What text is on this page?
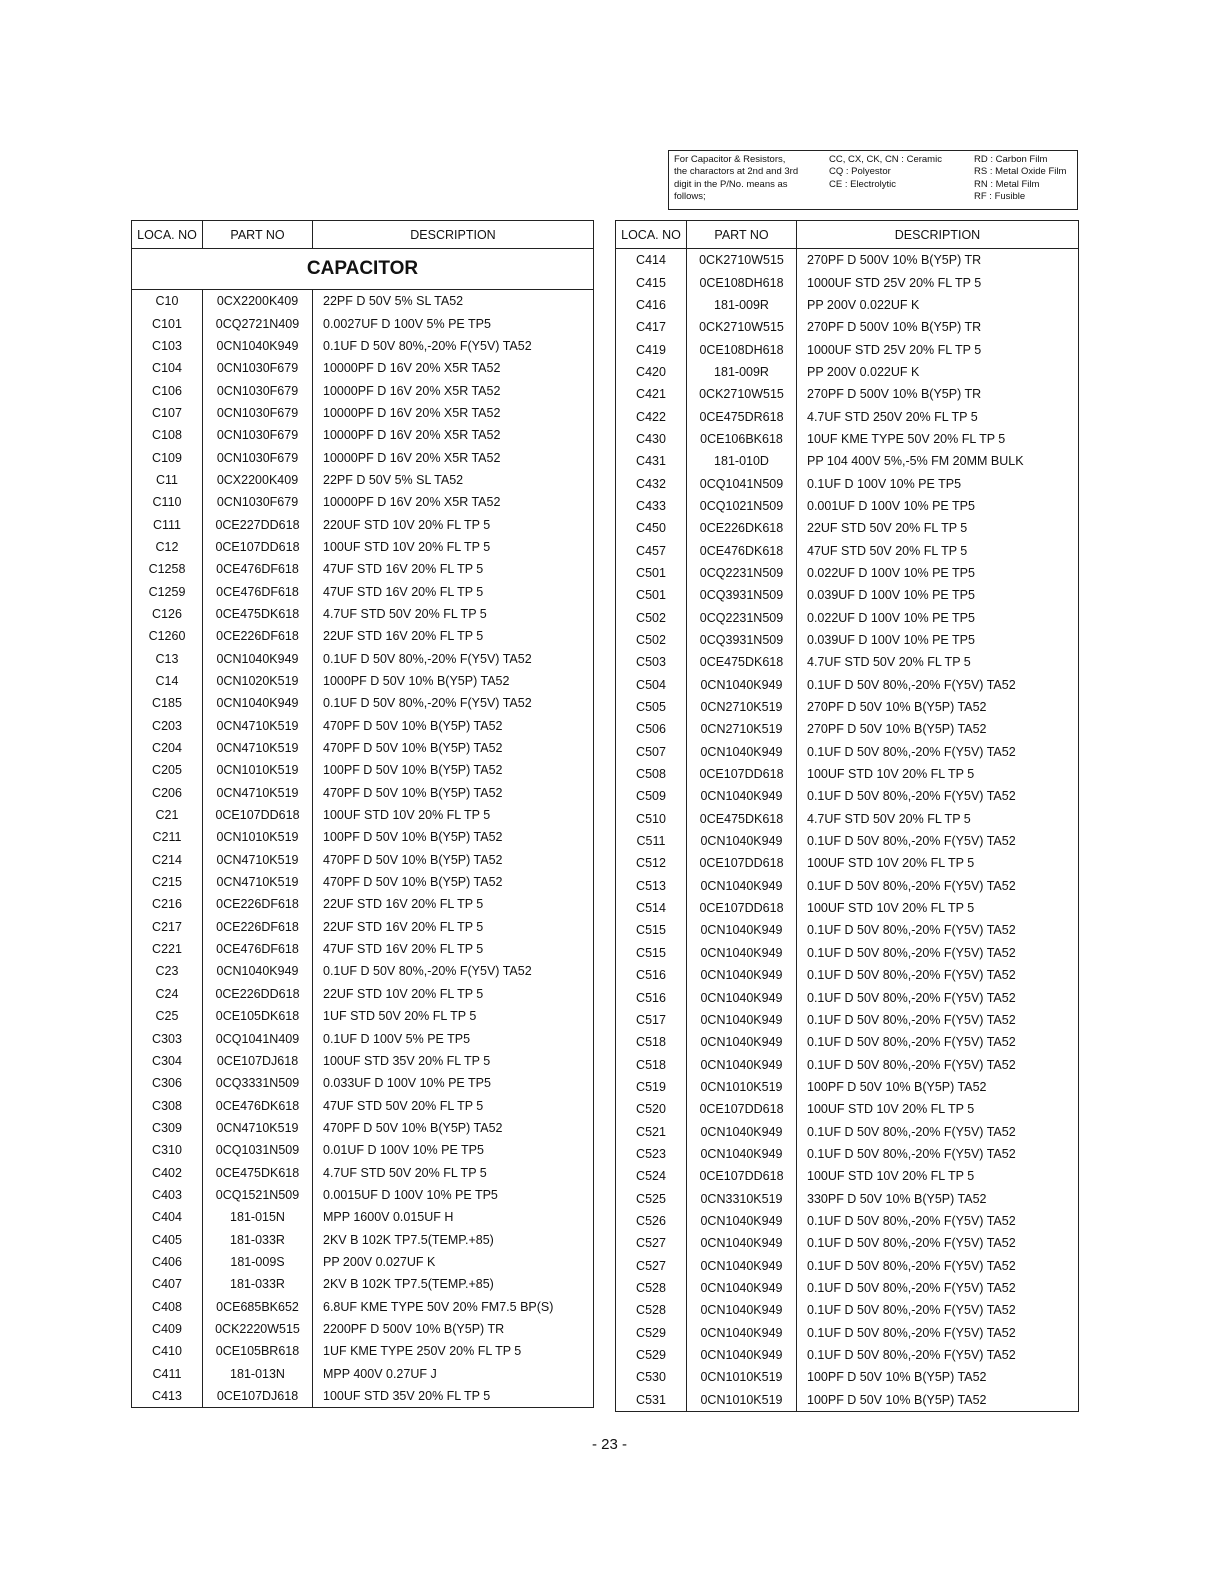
For Capacitor & Resistors,
the charactors at 2nd and 3rd
digit in the P/No. means as
follows;
CC, CX, CK, CN : Ceramic
CQ : Polyestor
CE : Electrolytic
RD : Carbon Film
RS : Metal Oxide Film
RN : Metal Film
RF : Fusible
LOCA. NO	PART NO	DESCRIPTION
CAPACITOR		
C10	0CX2200K409	22PF D 50V 5% SL TA52
C101	0CQ2721N409	0.0027UF D 100V 5% PE TP5
C103	0CN1040K949	0.1UF D 50V 80%,-20% F(Y5V) TA52
C104	0CN1030F679	10000PF D 16V 20% X5R TA52
C106	0CN1030F679	10000PF D 16V 20% X5R TA52
C107	0CN1030F679	10000PF D 16V 20% X5R TA52
C108	0CN1030F679	10000PF D 16V 20% X5R TA52
C109	0CN1030F679	10000PF D 16V 20% X5R TA52
C11	0CX2200K409	22PF D 50V 5% SL TA52
C110	0CN1030F679	10000PF D 16V 20% X5R TA52
C111	0CE227DD618	220UF STD 10V 20% FL TP 5
C12	0CE107DD618	100UF STD 10V 20% FL TP 5
C1258	0CE476DF618	47UF STD 16V 20% FL TP 5
C1259	0CE476DF618	47UF STD 16V 20% FL TP 5
C126	0CE475DK618	4.7UF STD 50V 20% FL TP 5
C1260	0CE226DF618	22UF STD 16V 20% FL TP 5
C13	0CN1040K949	0.1UF D 50V 80%,-20% F(Y5V) TA52
C14	0CN1020K519	1000PF D 50V 10% B(Y5P) TA52
C185	0CN1040K949	0.1UF D 50V 80%,-20% F(Y5V) TA52
C203	0CN4710K519	470PF D 50V 10% B(Y5P) TA52
C204	0CN4710K519	470PF D 50V 10% B(Y5P) TA52
C205	0CN1010K519	100PF D 50V 10% B(Y5P) TA52
C206	0CN4710K519	470PF D 50V 10% B(Y5P) TA52
C21	0CE107DD618	100UF STD 10V 20% FL TP 5
C211	0CN1010K519	100PF D 50V 10% B(Y5P) TA52
C214	0CN4710K519	470PF D 50V 10% B(Y5P) TA52
C215	0CN4710K519	470PF D 50V 10% B(Y5P) TA52
C216	0CE226DF618	22UF STD 16V 20% FL TP 5
C217	0CE226DF618	22UF STD 16V 20% FL TP 5
C221	0CE476DF618	47UF STD 16V 20% FL TP 5
C23	0CN1040K949	0.1UF D 50V 80%,-20% F(Y5V) TA52
C24	0CE226DD618	22UF STD 10V 20% FL TP 5
C25	0CE105DK618	1UF STD 50V 20% FL TP 5
C303	0CQ1041N409	0.1UF D 100V 5% PE TP5
C304	0CE107DJ618	100UF STD 35V 20% FL TP 5
C306	0CQ3331N509	0.033UF D 100V 10% PE TP5
C308	0CE476DK618	47UF STD 50V 20% FL TP 5
C309	0CN4710K519	470PF D 50V 10% B(Y5P) TA52
C310	0CQ1031N509	0.01UF D 100V 10% PE TP5
C402	0CE475DK618	4.7UF STD 50V 20% FL TP 5
C403	0CQ1521N509	0.0015UF D 100V 10% PE TP5
C404	181-015N	MPP 1600V 0.015UF H
C405	181-033R	2KV B 102K TP7.5(TEMP.+85)
C406	181-009S	PP 200V 0.027UF K
C407	181-033R	2KV B 102K TP7.5(TEMP.+85)
C408	0CE685BK652	6.8UF KME TYPE 50V 20% FM7.5 BP(S)
C409	0CK2220W515	2200PF D 500V 10% B(Y5P) TR
C410	0CE105BR618	1UF KME TYPE 250V 20% FL TP 5
C411	181-013N	MPP 400V 0.27UF J
C413	0CE107DJ618	100UF STD 35V 20% FL TP 5
LOCA. NO	PART NO	DESCRIPTION
C414	0CK2710W515	270PF D 500V 10% B(Y5P) TR
C415	0CE108DH618	1000UF STD 25V 20% FL TP 5
C416	181-009R	PP 200V 0.022UF K
C417	0CK2710W515	270PF D 500V 10% B(Y5P) TR
C419	0CE108DH618	1000UF STD 25V 20% FL TP 5
C420	181-009R	PP 200V 0.022UF K
C421	0CK2710W515	270PF D 500V 10% B(Y5P) TR
C422	0CE475DR618	4.7UF STD 250V 20% FL TP 5
C430	0CE106BK618	10UF KME TYPE 50V 20% FL TP 5
C431	181-010D	PP 104 400V 5%,-5% FM 20MM BULK
C432	0CQ1041N509	0.1UF D 100V 10% PE TP5
C433	0CQ1021N509	0.001UF D 100V 10% PE TP5
C450	0CE226DK618	22UF STD 50V 20% FL TP 5
C457	0CE476DK618	47UF STD 50V 20% FL TP 5
C501	0CQ2231N509	0.022UF D 100V 10% PE TP5
C501	0CQ3931N509	0.039UF D 100V 10% PE TP5
C502	0CQ2231N509	0.022UF D 100V 10% PE TP5
C502	0CQ3931N509	0.039UF D 100V 10% PE TP5
C503	0CE475DK618	4.7UF STD 50V 20% FL TP 5
C504	0CN1040K949	0.1UF D 50V 80%,-20% F(Y5V) TA52
C505	0CN2710K519	270PF D 50V 10% B(Y5P) TA52
C506	0CN2710K519	270PF D 50V 10% B(Y5P) TA52
C507	0CN1040K949	0.1UF D 50V 80%,-20% F(Y5V) TA52
C508	0CE107DD618	100UF STD 10V 20% FL TP 5
C509	0CN1040K949	0.1UF D 50V 80%,-20% F(Y5V) TA52
C510	0CE475DK618	4.7UF STD 50V 20% FL TP 5
C511	0CN1040K949	0.1UF D 50V 80%,-20% F(Y5V) TA52
C512	0CE107DD618	100UF STD 10V 20% FL TP 5
C513	0CN1040K949	0.1UF D 50V 80%,-20% F(Y5V) TA52
C514	0CE107DD618	100UF STD 10V 20% FL TP 5
C515	0CN1040K949	0.1UF D 50V 80%,-20% F(Y5V) TA52
C515	0CN1040K949	0.1UF D 50V 80%,-20% F(Y5V) TA52
C516	0CN1040K949	0.1UF D 50V 80%,-20% F(Y5V) TA52
C516	0CN1040K949	0.1UF D 50V 80%,-20% F(Y5V) TA52
C517	0CN1040K949	0.1UF D 50V 80%,-20% F(Y5V) TA52
C518	0CN1040K949	0.1UF D 50V 80%,-20% F(Y5V) TA52
C518	0CN1040K949	0.1UF D 50V 80%,-20% F(Y5V) TA52
C519	0CN1010K519	100PF D 50V 10% B(Y5P) TA52
C520	0CE107DD618	100UF STD 10V 20% FL TP 5
C521	0CN1040K949	0.1UF D 50V 80%,-20% F(Y5V) TA52
C523	0CN1040K949	0.1UF D 50V 80%,-20% F(Y5V) TA52
C524	0CE107DD618	100UF STD 10V 20% FL TP 5
C525	0CN3310K519	330PF D 50V 10% B(Y5P) TA52
C526	0CN1040K949	0.1UF D 50V 80%,-20% F(Y5V) TA52
C527	0CN1040K949	0.1UF D 50V 80%,-20% F(Y5V) TA52
C527	0CN1040K949	0.1UF D 50V 80%,-20% F(Y5V) TA52
C528	0CN1040K949	0.1UF D 50V 80%,-20% F(Y5V) TA52
C528	0CN1040K949	0.1UF D 50V 80%,-20% F(Y5V) TA52
C529	0CN1040K949	0.1UF D 50V 80%,-20% F(Y5V) TA52
C529	0CN1040K949	0.1UF D 50V 80%,-20% F(Y5V) TA52
C530	0CN1010K519	100PF D 50V 10% B(Y5P) TA52
C531	0CN1010K519	100PF D 50V 10% B(Y5P) TA52
- 23 -
